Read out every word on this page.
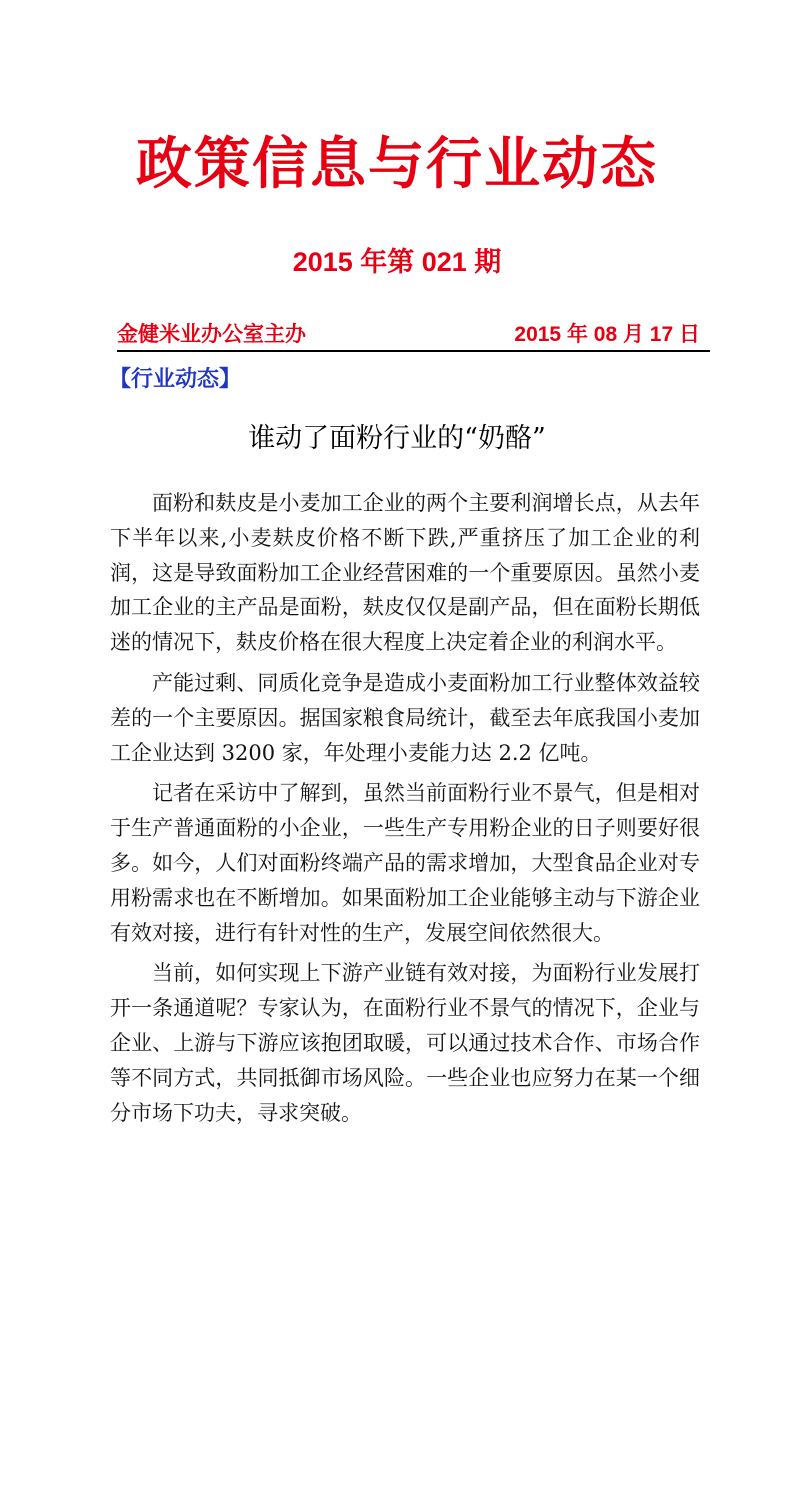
政策信息与行业动态
2015 年第 021 期
金健米业办公室主办	2015 年 08 月 17 日
【行业动态】
谁动了面粉行业的“奶酪”

面粉和麸皮是小麦加工企业的两个主要利润增长点，从去年下半年以来,小麦麸皮价格不断下跌,严重挤压了加工企业的利润，这是导致面粉加工企业经营困难的一个重要原因。虽然小麦加工企业的主产品是面粉，麸皮仅仅是副产品，但在面粉长期低迷的情况下，麸皮价格在很大程度上决定着企业的利润水平。

产能过剩、同质化竞争是造成小麦面粉加工行业整体效益较差的一个主要原因。据国家粮食局统计，截至去年底我国小麦加工企业达到 3200 家，年处理小麦能力达 2.2 亿吨。

记者在采访中了解到，虽然当前面粉行业不景气，但是相对于生产普通面粉的小企业，一些生产专用粉企业的日子则要好很多。如今，人们对面粉终端产品的需求增加，大型食品企业对专用粉需求也在不断增加。如果面粉加工企业能够主动与下游企业有效对接，进行有针对性的生产，发展空间依然很大。

当前，如何实现上下游产业链有效对接，为面粉行业发展打开一条通道呢？专家认为，在面粉行业不景气的情况下，企业与企业、上游与下游应该抱团取暖，可以通过技术合作、市场合作等不同方式，共同抵御市场风险。一些企业也应努力在某一个细分市场下功夫，寻求突破。
